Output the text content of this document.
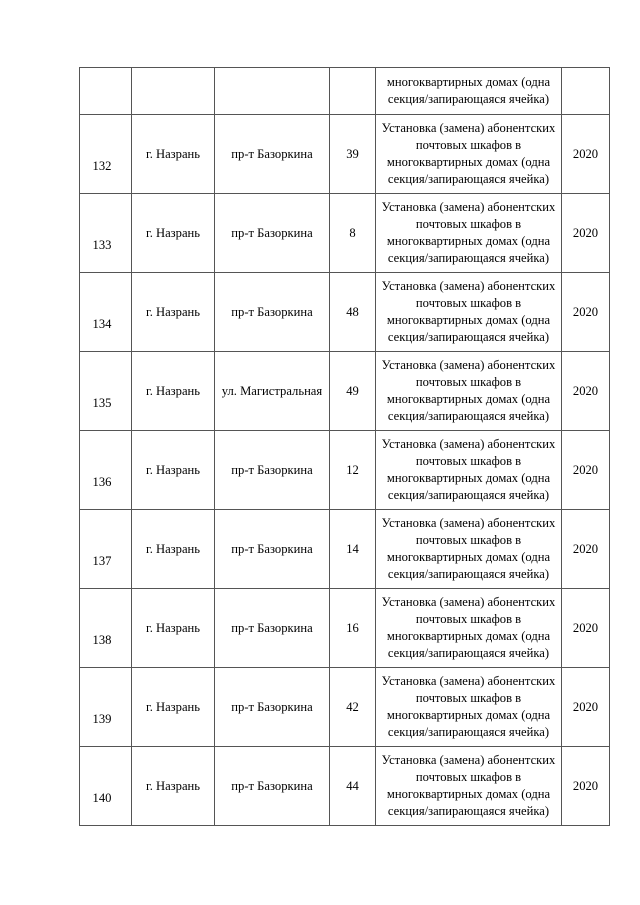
				многоквартирных домах (одна секция/запирающаяся ячейка)	

132	г. Назрань	пр-т Базоркина	39	Установка (замена) абонентских почтовых шкафов в многоквартирных домах (одна секция/запирающаяся ячейка)	2020

133	г. Назрань	пр-т Базоркина	8	Установка (замена) абонентских почтовых шкафов в многоквартирных домах (одна секция/запирающаяся ячейка)	2020

134	г. Назрань	пр-т Базоркина	48	Установка (замена) абонентских почтовых шкафов в многоквартирных домах (одна секция/запирающаяся ячейка)	2020

135	г. Назрань	ул. Магистральная	49	Установка (замена) абонентских почтовых шкафов в многоквартирных домах (одна секция/запирающаяся ячейка)	2020

136	г. Назрань	пр-т Базоркина	12	Установка (замена) абонентских почтовых шкафов в многоквартирных домах (одна секция/запирающаяся ячейка)	2020

137	г. Назрань	пр-т Базоркина	14	Установка (замена) абонентских почтовых шкафов в многоквартирных домах (одна секция/запирающаяся ячейка)	2020

138	г. Назрань	пр-т Базоркина	16	Установка (замена) абонентских почтовых шкафов в многоквартирных домах (одна секция/запирающаяся ячейка)	2020

139	г. Назрань	пр-т Базоркина	42	Установка (замена) абонентских почтовых шкафов в многоквартирных домах (одна секция/запирающаяся ячейка)	2020

140	г. Назрань	пр-т Базоркина	44	Установка (замена) абонентских почтовых шкафов в многоквартирных домах (одна секция/запирающаяся ячейка)	2020
